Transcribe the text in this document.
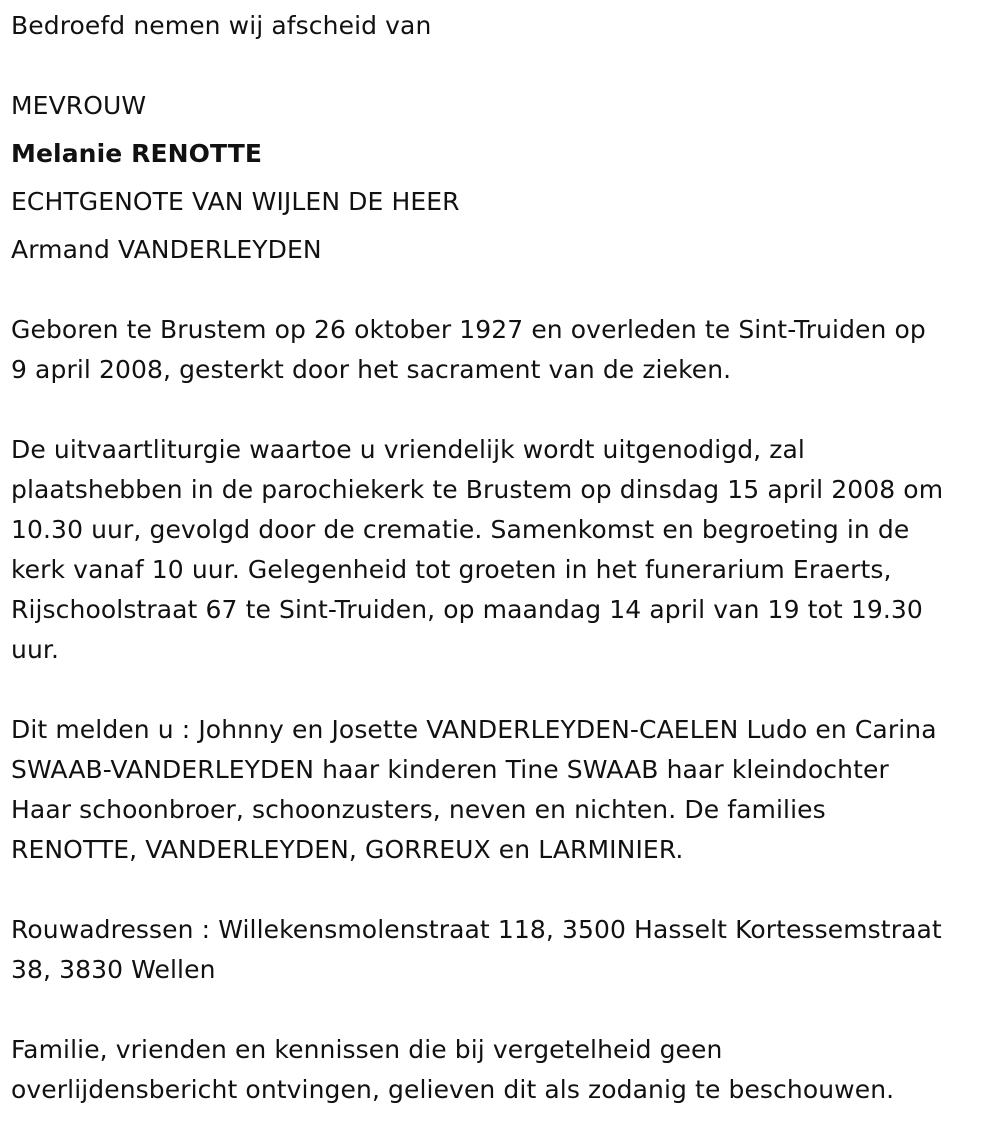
Bedroefd nemen wij afscheid van

MEVROUW

Melanie RENOTTE

ECHTGENOTE VAN WIJLEN DE HEER

Armand VANDERLEYDEN

Geboren te Brustem op 26 oktober 1927 en overleden te Sint-Truiden op
9 april 2008, gesterkt door het sacrament van de zieken.

De uitvaartliturgie waartoe u vriendelijk wordt uitgenodigd, zal
plaatshebben in de parochiekerk te Brustem op dinsdag 15 april 2008 om
10.30 uur, gevolgd door de crematie. Samenkomst en begroeting in de
kerk vanaf 10 uur. Gelegenheid tot groeten in het funerarium Eraerts,
Rijschoolstraat 67 te Sint-Truiden, op maandag 14 april van 19 tot 19.30
uur.

Dit melden u : Johnny en Josette VANDERLEYDEN-CAELEN Ludo en Carina
SWAAB-VANDERLEYDEN haar kinderen Tine SWAAB haar kleindochter
Haar schoonbroer, schoonzusters, neven en nichten. De families
RENOTTE, VANDERLEYDEN, GORREUX en LARMINIER.

Rouwadressen : Willekensmolenstraat 118, 3500 Hasselt Kortessemstraat
38, 3830 Wellen

Familie, vrienden en kennissen die bij vergetelheid geen
overlijdensbericht ontvingen, gelieven dit als zodanig te beschouwen.
